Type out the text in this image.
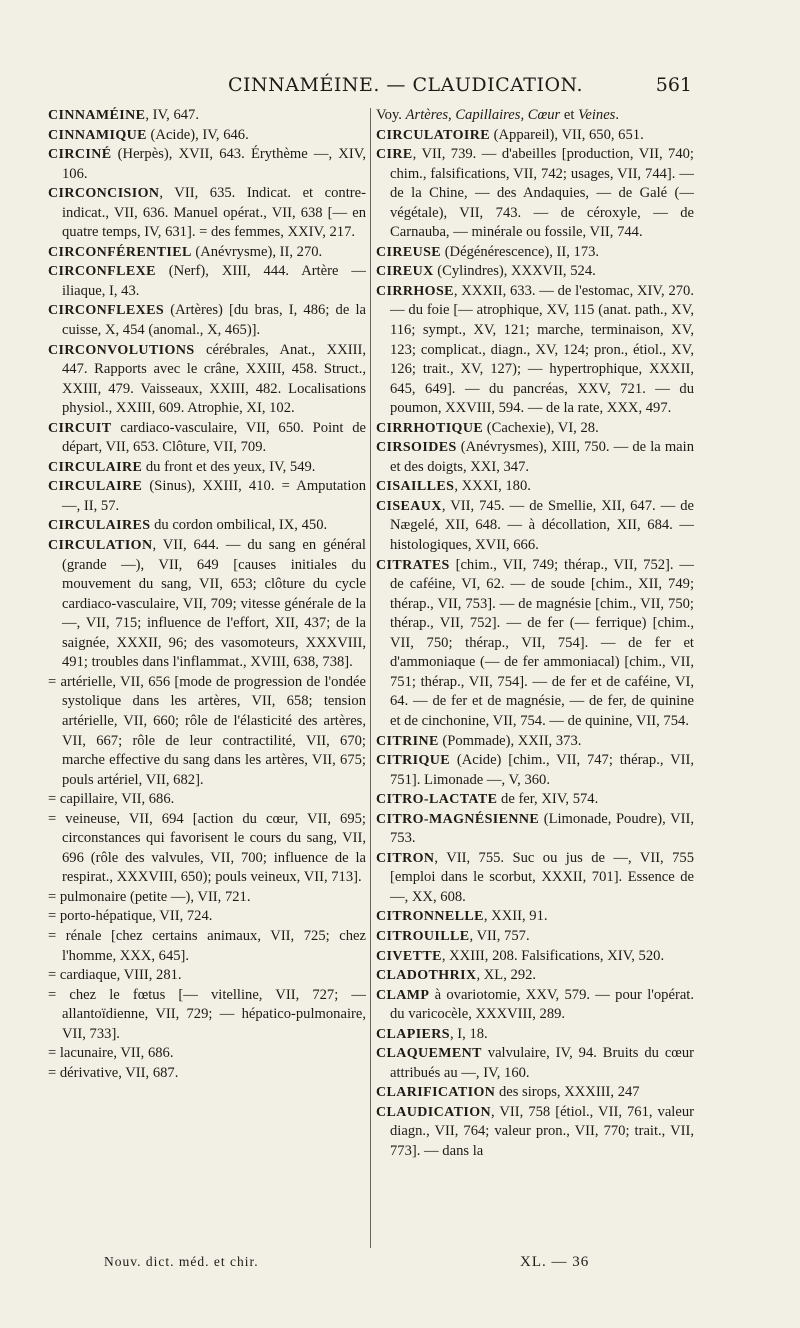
CINNAMÉINE. — CLAUDICATION.	561

CINNAMÉINE, IV, 647.

CINNAMIQUE (Acide), IV, 646.

CIRCINÉ (Herpès), XVII, 643. Érythème —, XIV, 106.

CIRCONCISION, VII, 635. Indicat. et contre-indicat., VII, 636. Manuel opérat., VII, 638 [— en quatre temps, IV, 631]. = des femmes, XXIV, 217.

CIRCONFÉRENTIEL (Anévrysme), II, 270.

CIRCONFLEXE (Nerf), XIII, 444. Artère — iliaque, I, 43.

CIRCONFLEXES (Artères) [du bras, I, 486; de la cuisse, X, 454 (anomal., X, 465)].

CIRCONVOLUTIONS cérébrales, Anat., XXIII, 447. Rapports avec le crâne, XXIII, 458. Struct., XXIII, 479. Vaisseaux, XXIII, 482. Localisations physiol., XXIII, 609. Atrophie, XI, 102.

CIRCUIT cardiaco-vasculaire, VII, 650. Point de départ, VII, 653. Clôture, VII, 709.

CIRCULAIRE du front et des yeux, IV, 549.

CIRCULAIRE (Sinus), XXIII, 410. = Amputation —, II, 57.

CIRCULAIRES du cordon ombilical, IX, 450.

CIRCULATION, VII, 644. — du sang en général (grande —), VII, 649 [causes initiales du mouvement du sang, VII, 653; clôture du cycle cardiaco-vasculaire, VII, 709; vitesse générale de la —, VII, 715; influence de l'effort, XII, 437; de la saignée, XXXII, 96; des vasomoteurs, XXXVIII, 491; troubles dans l'inflammat., XVIII, 638, 738].

= artérielle, VII, 656 [mode de progression de l'ondée systolique dans les artères, VII, 658; tension artérielle, VII, 660; rôle de l'élasticité des artères, VII, 667; rôle de leur contractilité, VII, 670; marche effective du sang dans les artères, VII, 675; pouls artériel, VII, 682].

= capillaire, VII, 686.

= veineuse, VII, 694 [action du cœur, VII, 695; circonstances qui favorisent le cours du sang, VII, 696 (rôle des valvules, VII, 700; influence de la respirat., XXXVIII, 650); pouls veineux, VII, 713].

= pulmonaire (petite —), VII, 721.

= porto-hépatique, VII, 724.

= rénale [chez certains animaux, VII, 725; chez l'homme, XXX, 645].

= cardiaque, VIII, 281.

= chez le fœtus [— vitelline, VII, 727; — allantoïdienne, VII, 729; — hépatico-pulmonaire, VII, 733].

= lacunaire, VII, 686.

= dérivative, VII, 687.

Voy. Artères, Capillaires, Cœur et Veines.

CIRCULATOIRE (Appareil), VII, 650, 651.

CIRE, VII, 739. — d'abeilles [production, VII, 740; chim., falsifications, VII, 742; usages, VII, 744]. — de la Chine, — des Andaquies, — de Galé (— végétale), VII, 743. — de céroxyle, — de Carnauba, — minérale ou fossile, VII, 744.

CIREUSE (Dégénérescence), II, 173.

CIREUX (Cylindres), XXXVII, 524.

CIRRHOSE, XXXII, 633. — de l'estomac, XIV, 270. — du foie [— atrophique, XV, 115 (anat. path., XV, 116; sympt., XV, 121; marche, terminaison, XV, 123; complicat., diagn., XV, 124; pron., étiol., XV, 126; trait., XV, 127); — hypertrophique, XXXII, 645, 649]. — du pancréas, XXV, 721. — du poumon, XXVIII, 594. — de la rate, XXX, 497.

CIRRHOTIQUE (Cachexie), VI, 28.

CIRSOIDES (Anévrysmes), XIII, 750. — de la main et des doigts, XXI, 347.

CISAILLES, XXXI, 180.

CISEAUX, VII, 745. — de Smellie, XII, 647. — de Nægelé, XII, 648. — à décollation, XII, 684. — histologiques, XVII, 666.

CITRATES [chim., VII, 749; thérap., VII, 752]. — de caféine, VI, 62. — de soude [chim., XII, 749; thérap., VII, 753]. — de magnésie [chim., VII, 750; thérap., VII, 752]. — de fer (— ferrique) [chim., VII, 750; thérap., VII, 754]. — de fer et d'ammoniaque (— de fer ammoniacal) [chim., VII, 751; thérap., VII, 754]. — de fer et de caféine, VI, 64. — de fer et de magnésie, — de fer, de quinine et de cinchonine, VII, 754. — de quinine, VII, 754.

CITRINE (Pommade), XXII, 373.

CITRIQUE (Acide) [chim., VII, 747; thérap., VII, 751]. Limonade —, V, 360.

CITRO-LACTATE de fer, XIV, 574.

CITRO-MAGNÉSIENNE (Limonade, Poudre), VII, 753.

CITRON, VII, 755. Suc ou jus de —, VII, 755 [emploi dans le scorbut, XXXII, 701]. Essence de —, XX, 608.

CITRONNELLE, XXII, 91.

CITROUILLE, VII, 757.

CIVETTE, XXIII, 208. Falsifications, XIV, 520.

CLADOTHRIX, XL, 292.

CLAMP à ovariotomie, XXV, 579. — pour l'opérat. du varicocèle, XXXVIII, 289.

CLAPIERS, I, 18.

CLAQUEMENT valvulaire, IV, 94. Bruits du cœur attribués au —, IV, 160.

CLARIFICATION des sirops, XXXIII, 247

CLAUDICATION, VII, 758 [étiol., VII, 761, valeur diagn., VII, 764; valeur pron., VII, 770; trait., VII, 773]. — dans la

Nouv. dict. méd. et chir.	XL. — 36
